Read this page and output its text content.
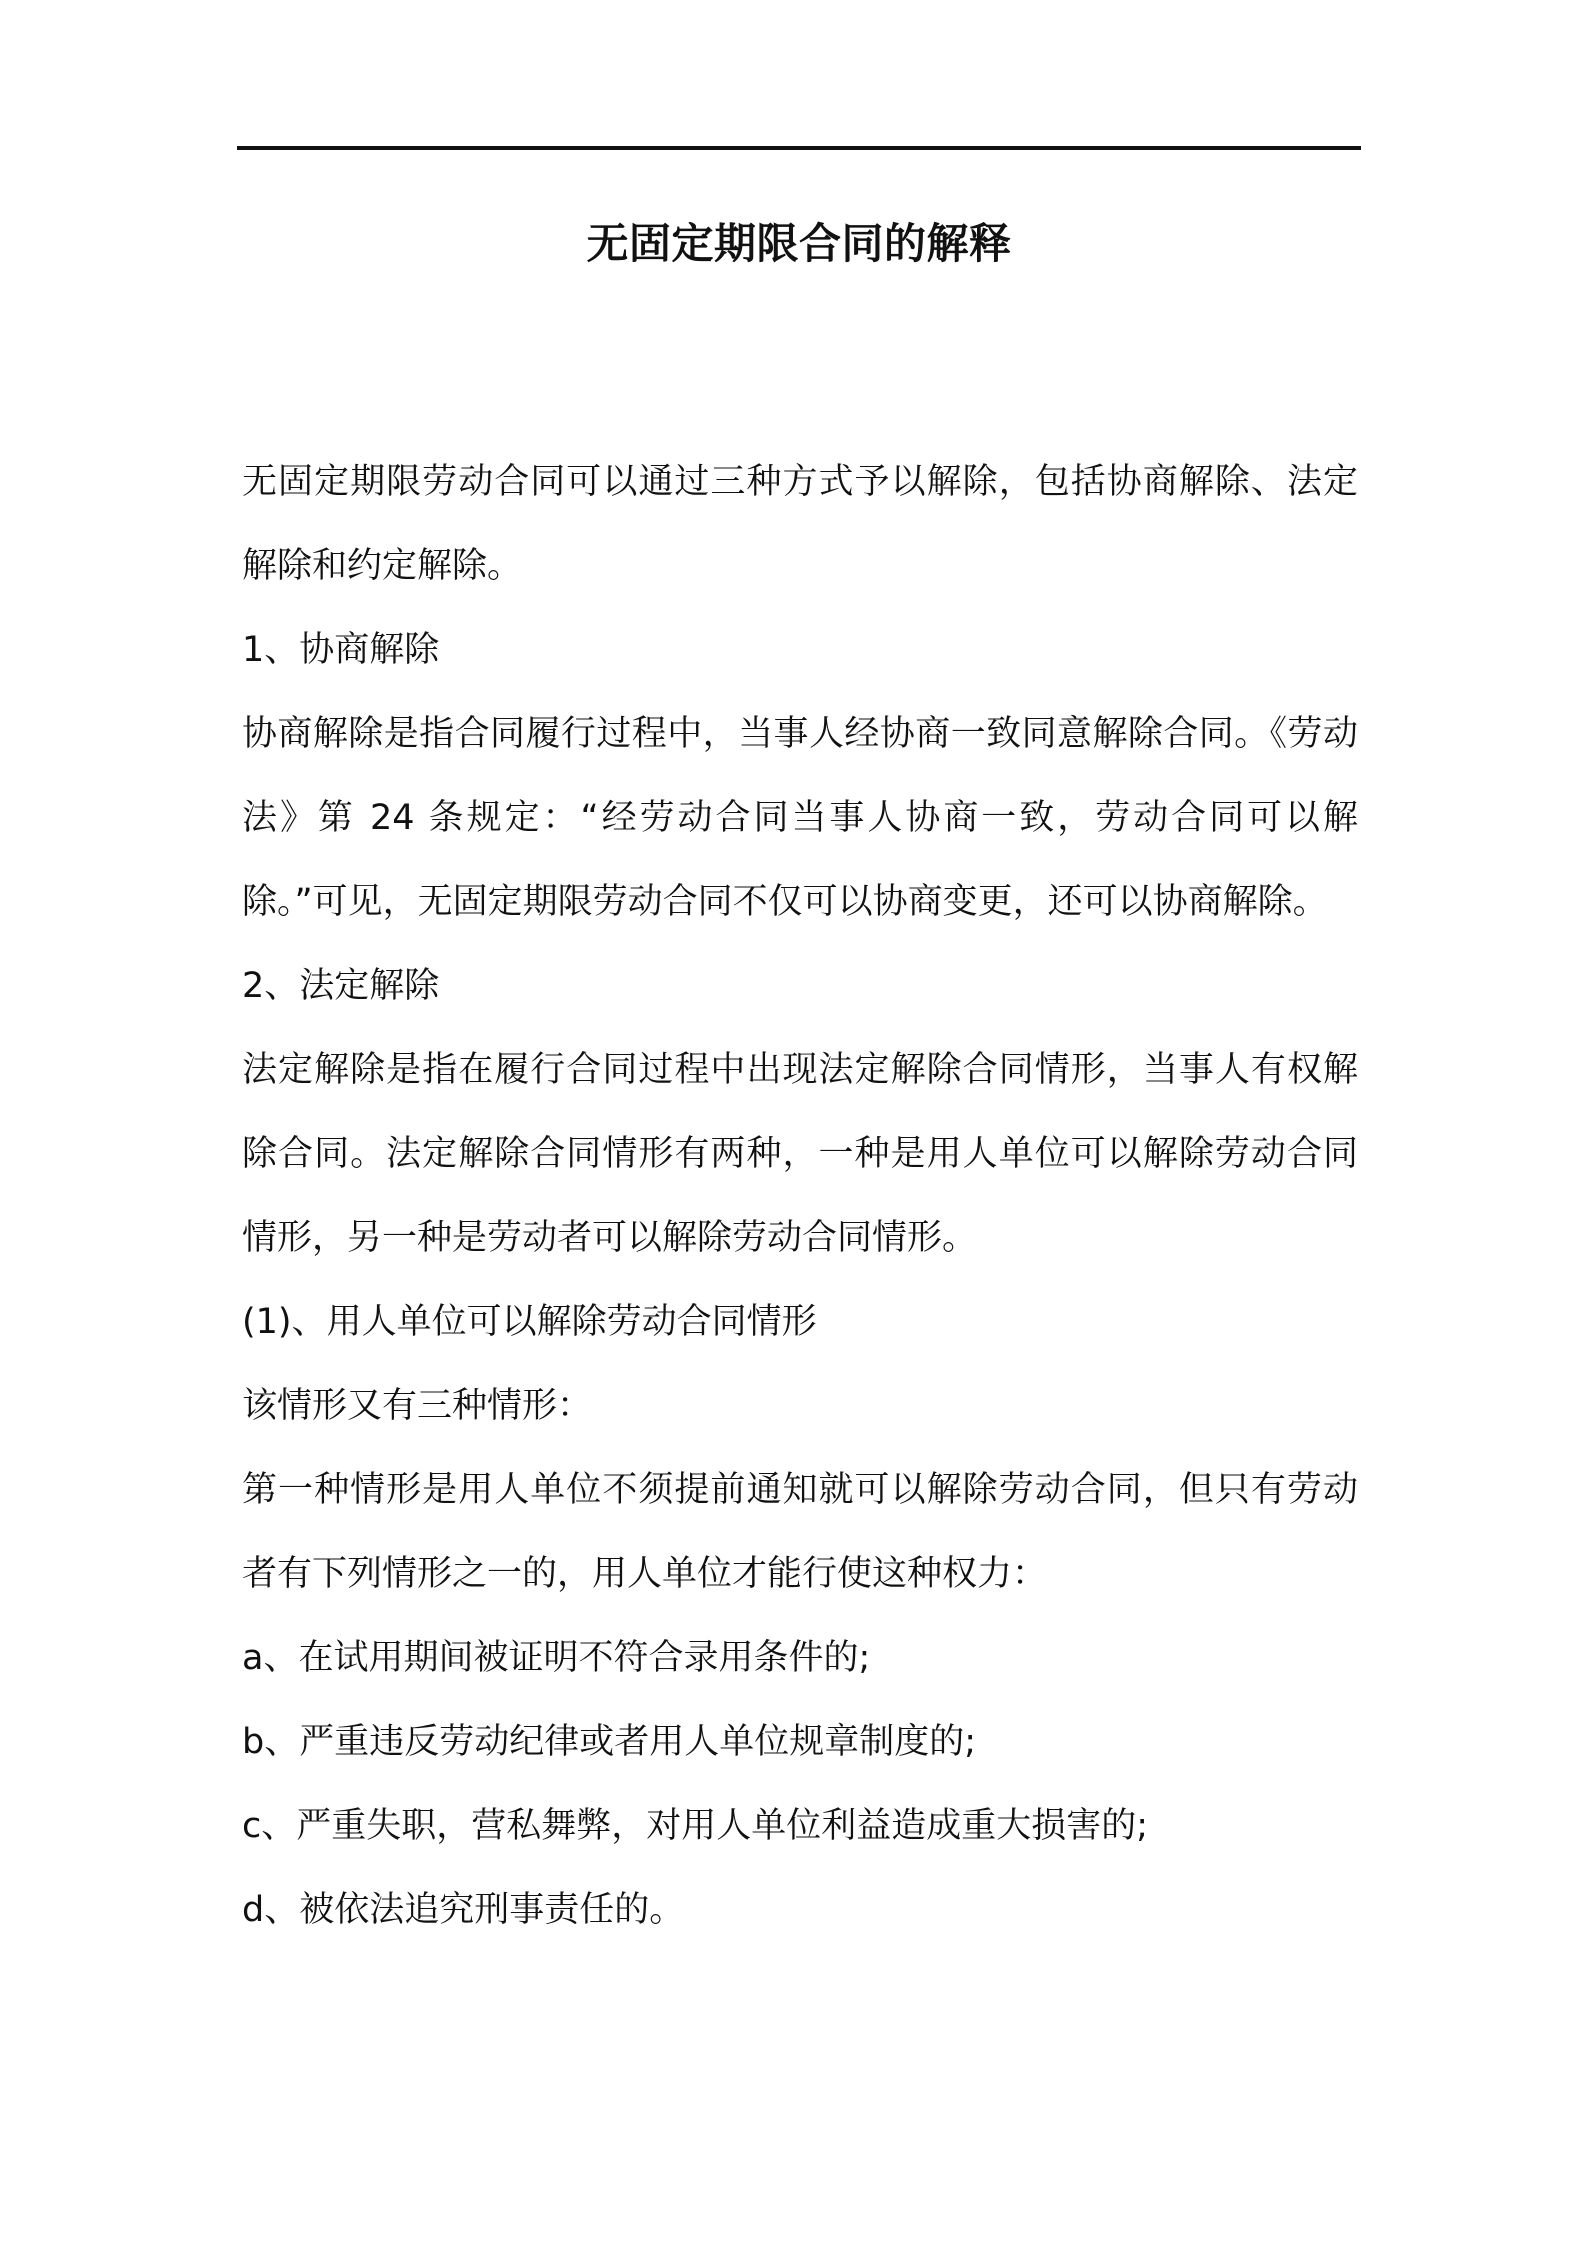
无固定期限合同的解释

无固定期限劳动合同可以通过三种方式予以解除，包括协商解除、法定解除和约定解除。

1、协商解除

协商解除是指合同履行过程中，当事人经协商一致同意解除合同。《劳动法》第 24 条规定：“经劳动合同当事人协商一致，劳动合同可以解除。”可见，无固定期限劳动合同不仅可以协商变更，还可以协商解除。

2、法定解除

法定解除是指在履行合同过程中出现法定解除合同情形，当事人有权解除合同。法定解除合同情形有两种，一种是用人单位可以解除劳动合同情形，另一种是劳动者可以解除劳动合同情形。

(1)、用人单位可以解除劳动合同情形

该情形又有三种情形：

第一种情形是用人单位不须提前通知就可以解除劳动合同，但只有劳动者有下列情形之一的，用人单位才能行使这种权力：

a、在试用期间被证明不符合录用条件的;

b、严重违反劳动纪律或者用人单位规章制度的;

c、严重失职，营私舞弊，对用人单位利益造成重大损害的;

d、被依法追究刑事责任的。
